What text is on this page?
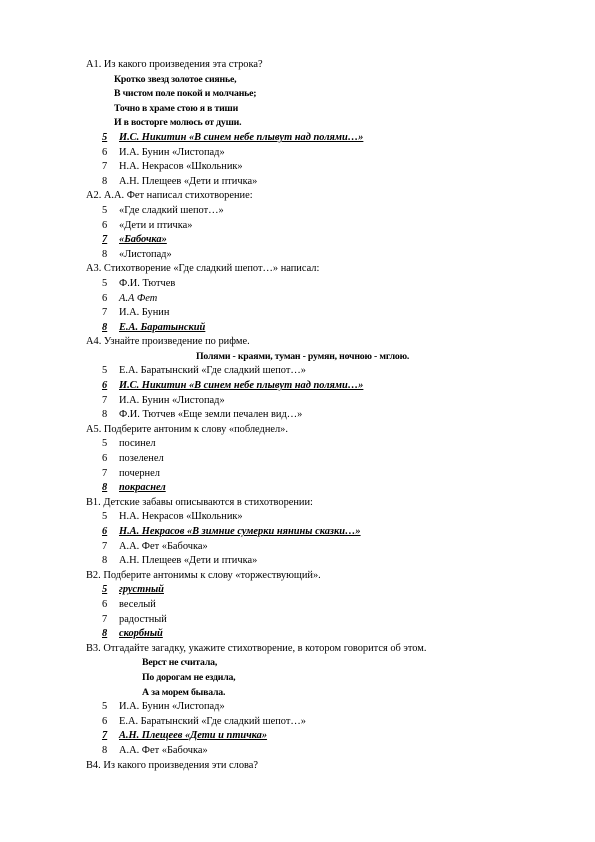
А1. Из какого произведения эта строка?
Кротко звезд золотое сиянье,
В чистом поле покой и молчанье;
Точно в храме стою я в тиши
И в восторге молюсь от души.
5	И.С. Никитин «В синем небе плывут над полями…»
6	И.А. Бунин «Листопад»
7	Н.А. Некрасов «Школьник»
8	А.Н. Плещеев «Дети и птичка»
А2. А.А. Фет написал стихотворение:
5	«Где сладкий шепот…»
6	«Дети и птичка»
7	«Бабочка»
8	«Листопад»
А3. Стихотворение «Где сладкий шепот…» написал:
5	Ф.И. Тютчев
6	А.А Фет
7	И.А. Бунин
8	Е.А. Баратынский
А4. Узнайте произведение по рифме.
Полями - краями, туман - румян, ночною - мглою.
5	Е.А. Баратынский «Где сладкий шепот…»
6	И.С. Никитин «В синем небе плывут над полями…»
7	И.А. Бунин «Листопад»
8	Ф.И. Тютчев «Еще земли печален вид…»
А5. Подберите антоним к слову «побледнел».
5	посинел
6	позеленел
7	почернел
8	покраснел
В1. Детские забавы описываются в стихотворении:
5	Н.А. Некрасов «Школьник»
6	Н.А. Некрасов «В зимние сумерки нянины сказки…»
7	А.А. Фет «Бабочка»
8	А.Н. Плещеев «Дети и птичка»
В2. Подберите антонимы к слову «торжествующий».
5	грустный
6	веселый
7	радостный
8	скорбный
В3. Отгадайте загадку, укажите стихотворение, в котором говорится об этом.
Верст не считала,
По дорогам не ездила,
А за морем бывала.
5	И.А. Бунин «Листопад»
6	Е.А. Баратынский «Где сладкий шепот…»
7	А.Н. Плещеев «Дети и птичка»
8	А.А. Фет «Бабочка»
В4. Из какого произведения эти слова?
